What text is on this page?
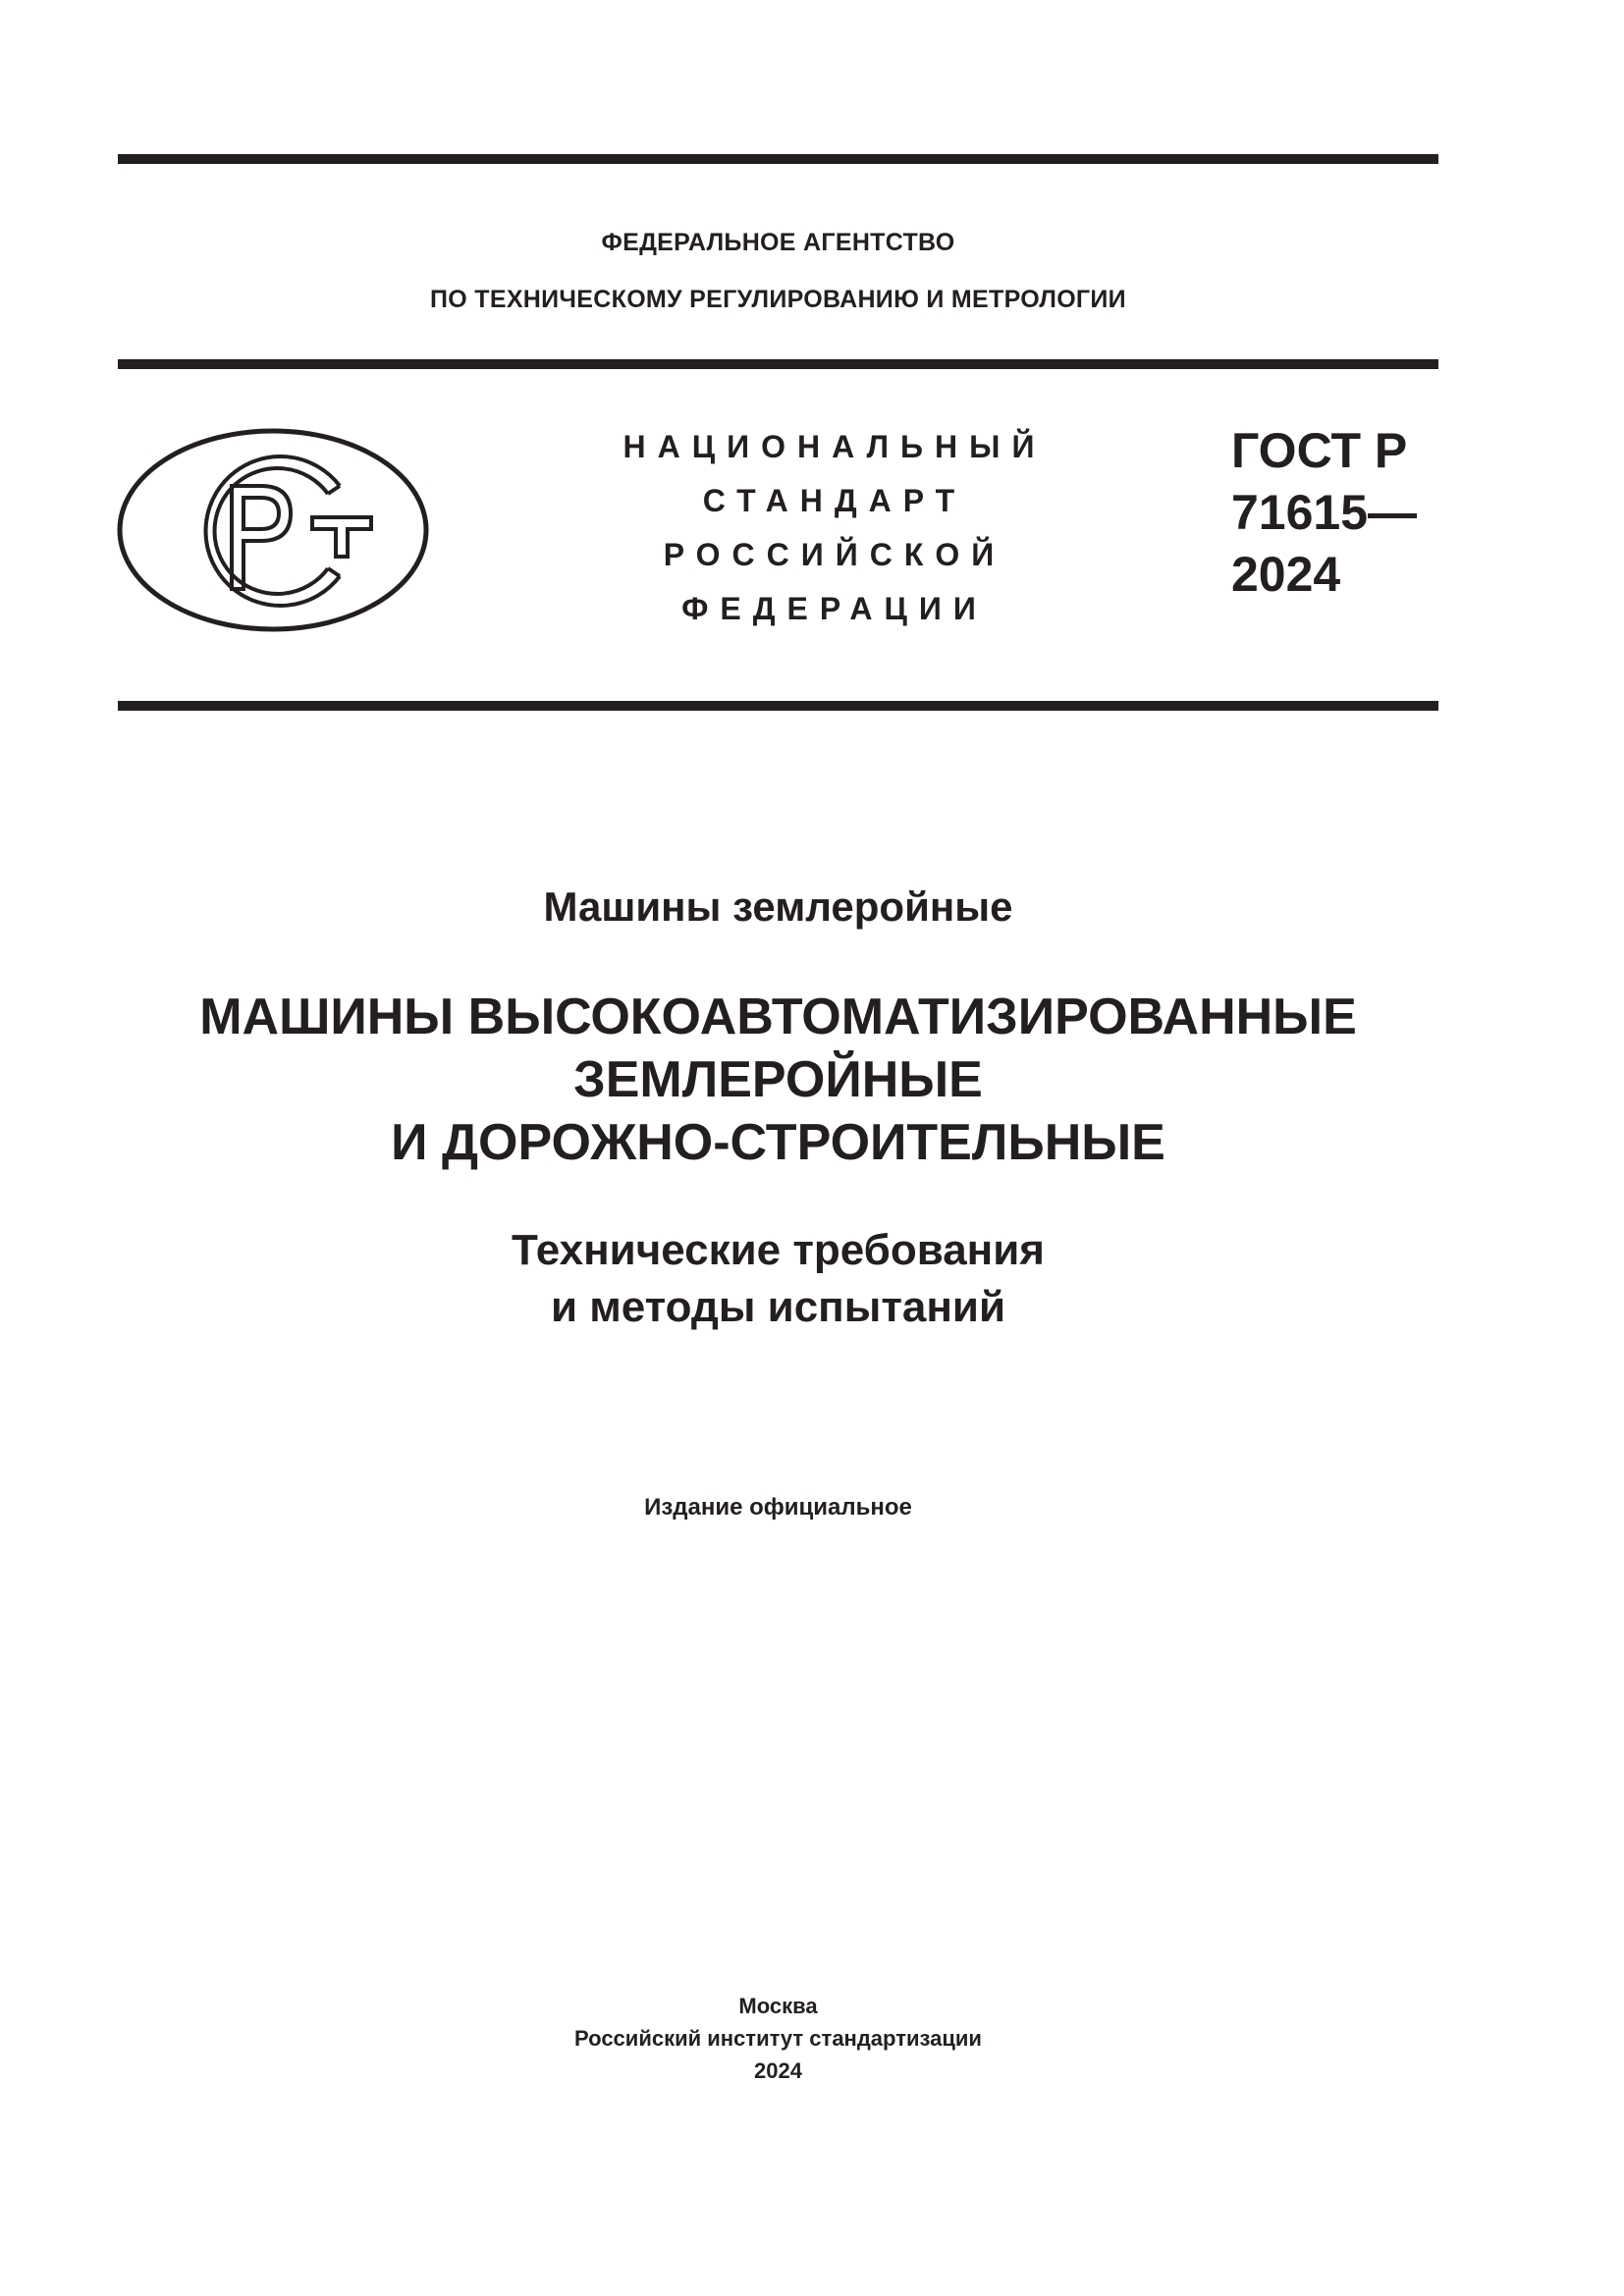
ФЕДЕРАЛЬНОЕ АГЕНТСТВО
ПО ТЕХНИЧЕСКОМУ РЕГУЛИРОВАНИЮ И МЕТРОЛОГИИ
НАЦИОНАЛЬНЫЙ
СТАНДАРТ
РОССИЙСКОЙ
ФЕДЕРАЦИИ
ГОСТ Р
71615—
2024
Машины землеройные
МАШИНЫ ВЫСОКОАВТОМАТИЗИРОВАННЫЕ
ЗЕМЛЕРОЙНЫЕ
И ДОРОЖНО-СТРОИТЕЛЬНЫЕ
Технические требования
и методы испытаний
Издание официальное
Москва
Российский институт стандартизации
2024
